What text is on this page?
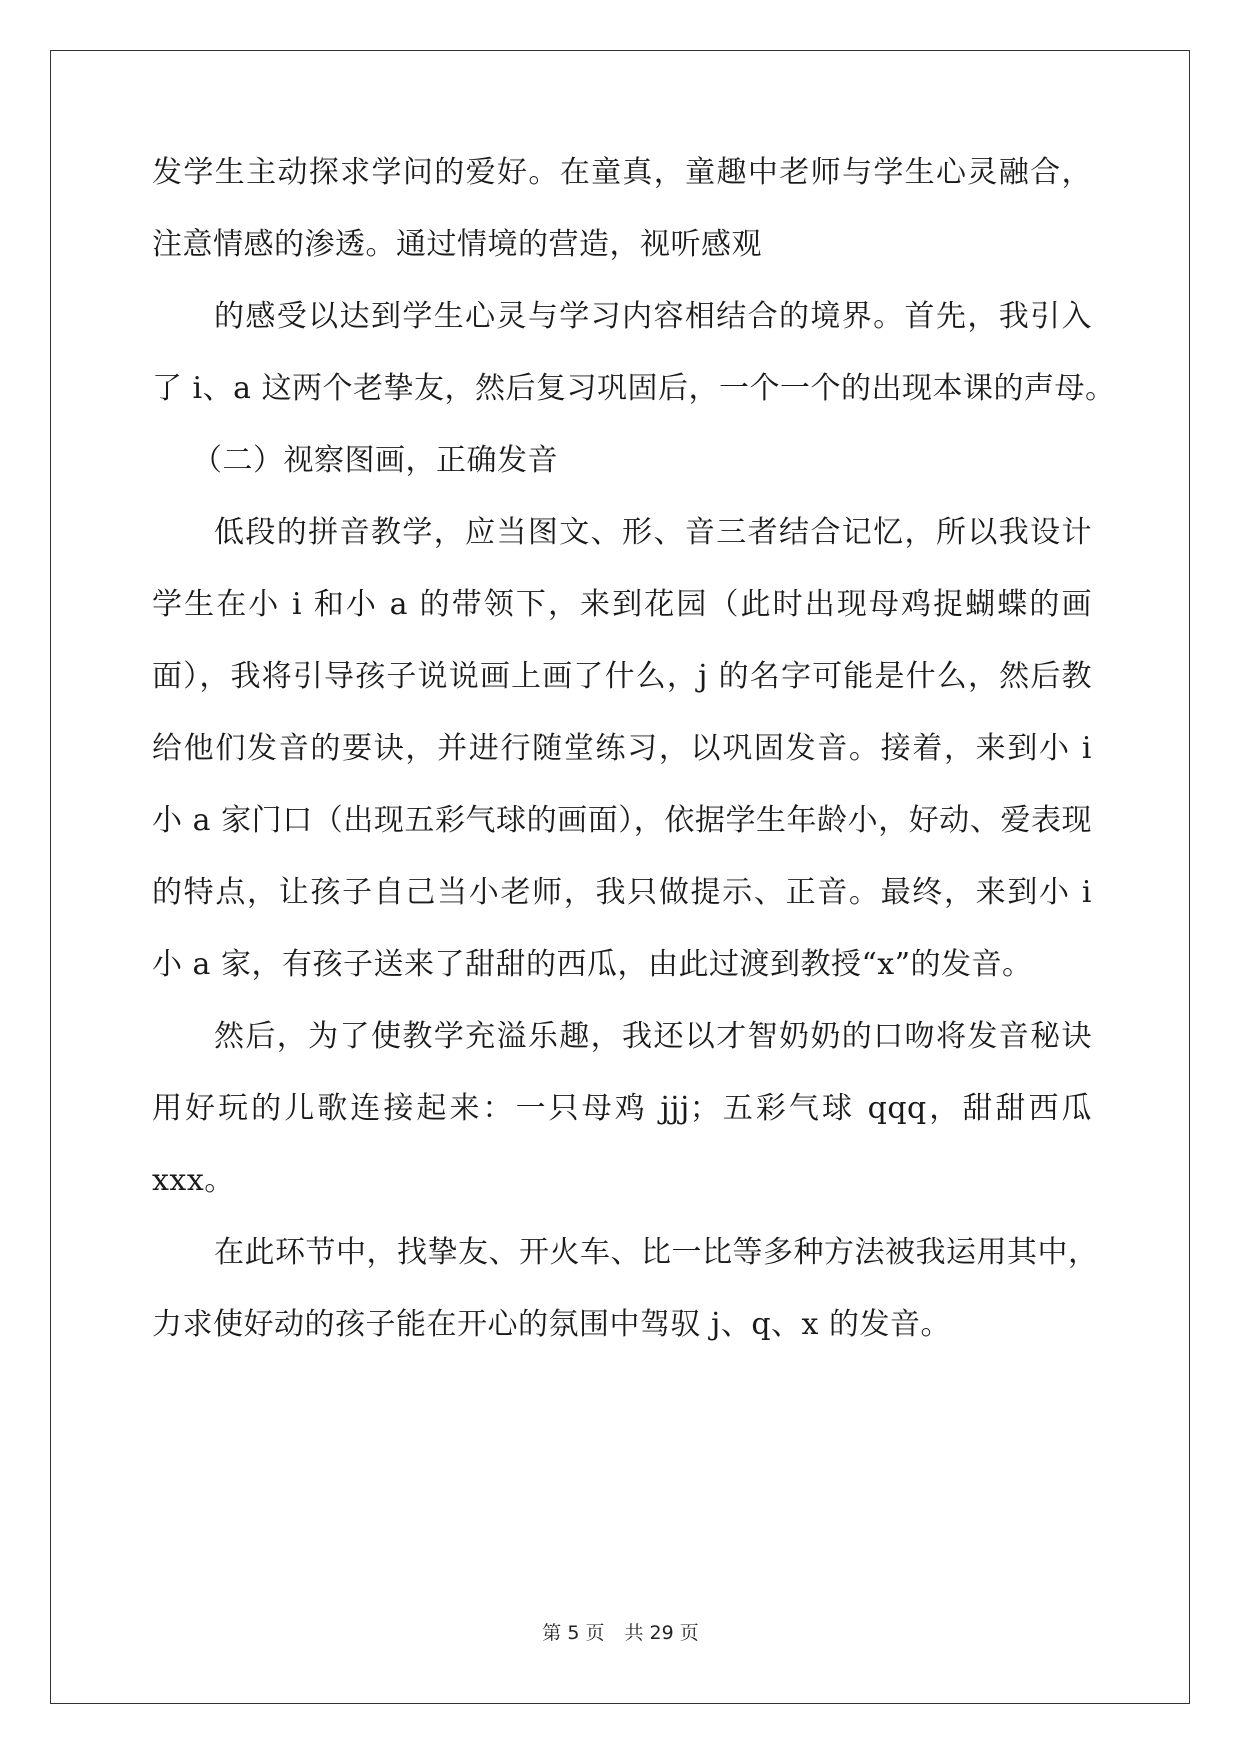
发学生主动探求学问的爱好。在童真，童趣中老师与学生心灵融合，
注意情感的渗透。通过情境的营造，视听感观
的感受以达到学生心灵与学习内容相结合的境界。首先，我引入
了 i、a 这两个老挚友，然后复习巩固后，一个一个的出现本课的声母。
（二）视察图画，正确发音
低段的拼音教学，应当图文、形、音三者结合记忆，所以我设计
学生在小 i 和小 a 的带领下，来到花园（此时出现母鸡捉蝴蝶的画
面），我将引导孩子说说画上画了什么，j 的名字可能是什么，然后教
给他们发音的要诀，并进行随堂练习，以巩固发音。接着，来到小 i
小 a 家门口（出现五彩气球的画面），依据学生年龄小，好动、爱表现
的特点，让孩子自己当小老师，我只做提示、正音。最终，来到小 i
小 a 家，有孩子送来了甜甜的西瓜，由此过渡到教授“x”的发音。
然后，为了使教学充溢乐趣，我还以才智奶奶的口吻将发音秘诀
用好玩的儿歌连接起来：一只母鸡 jjj；五彩气球 qqq，甜甜西瓜
xxx。
在此环节中，找挚友、开火车、比一比等多种方法被我运用其中，
力求使好动的孩子能在开心的氛围中驾驭 j、q、x 的发音。
第 5 页 共 29 页
